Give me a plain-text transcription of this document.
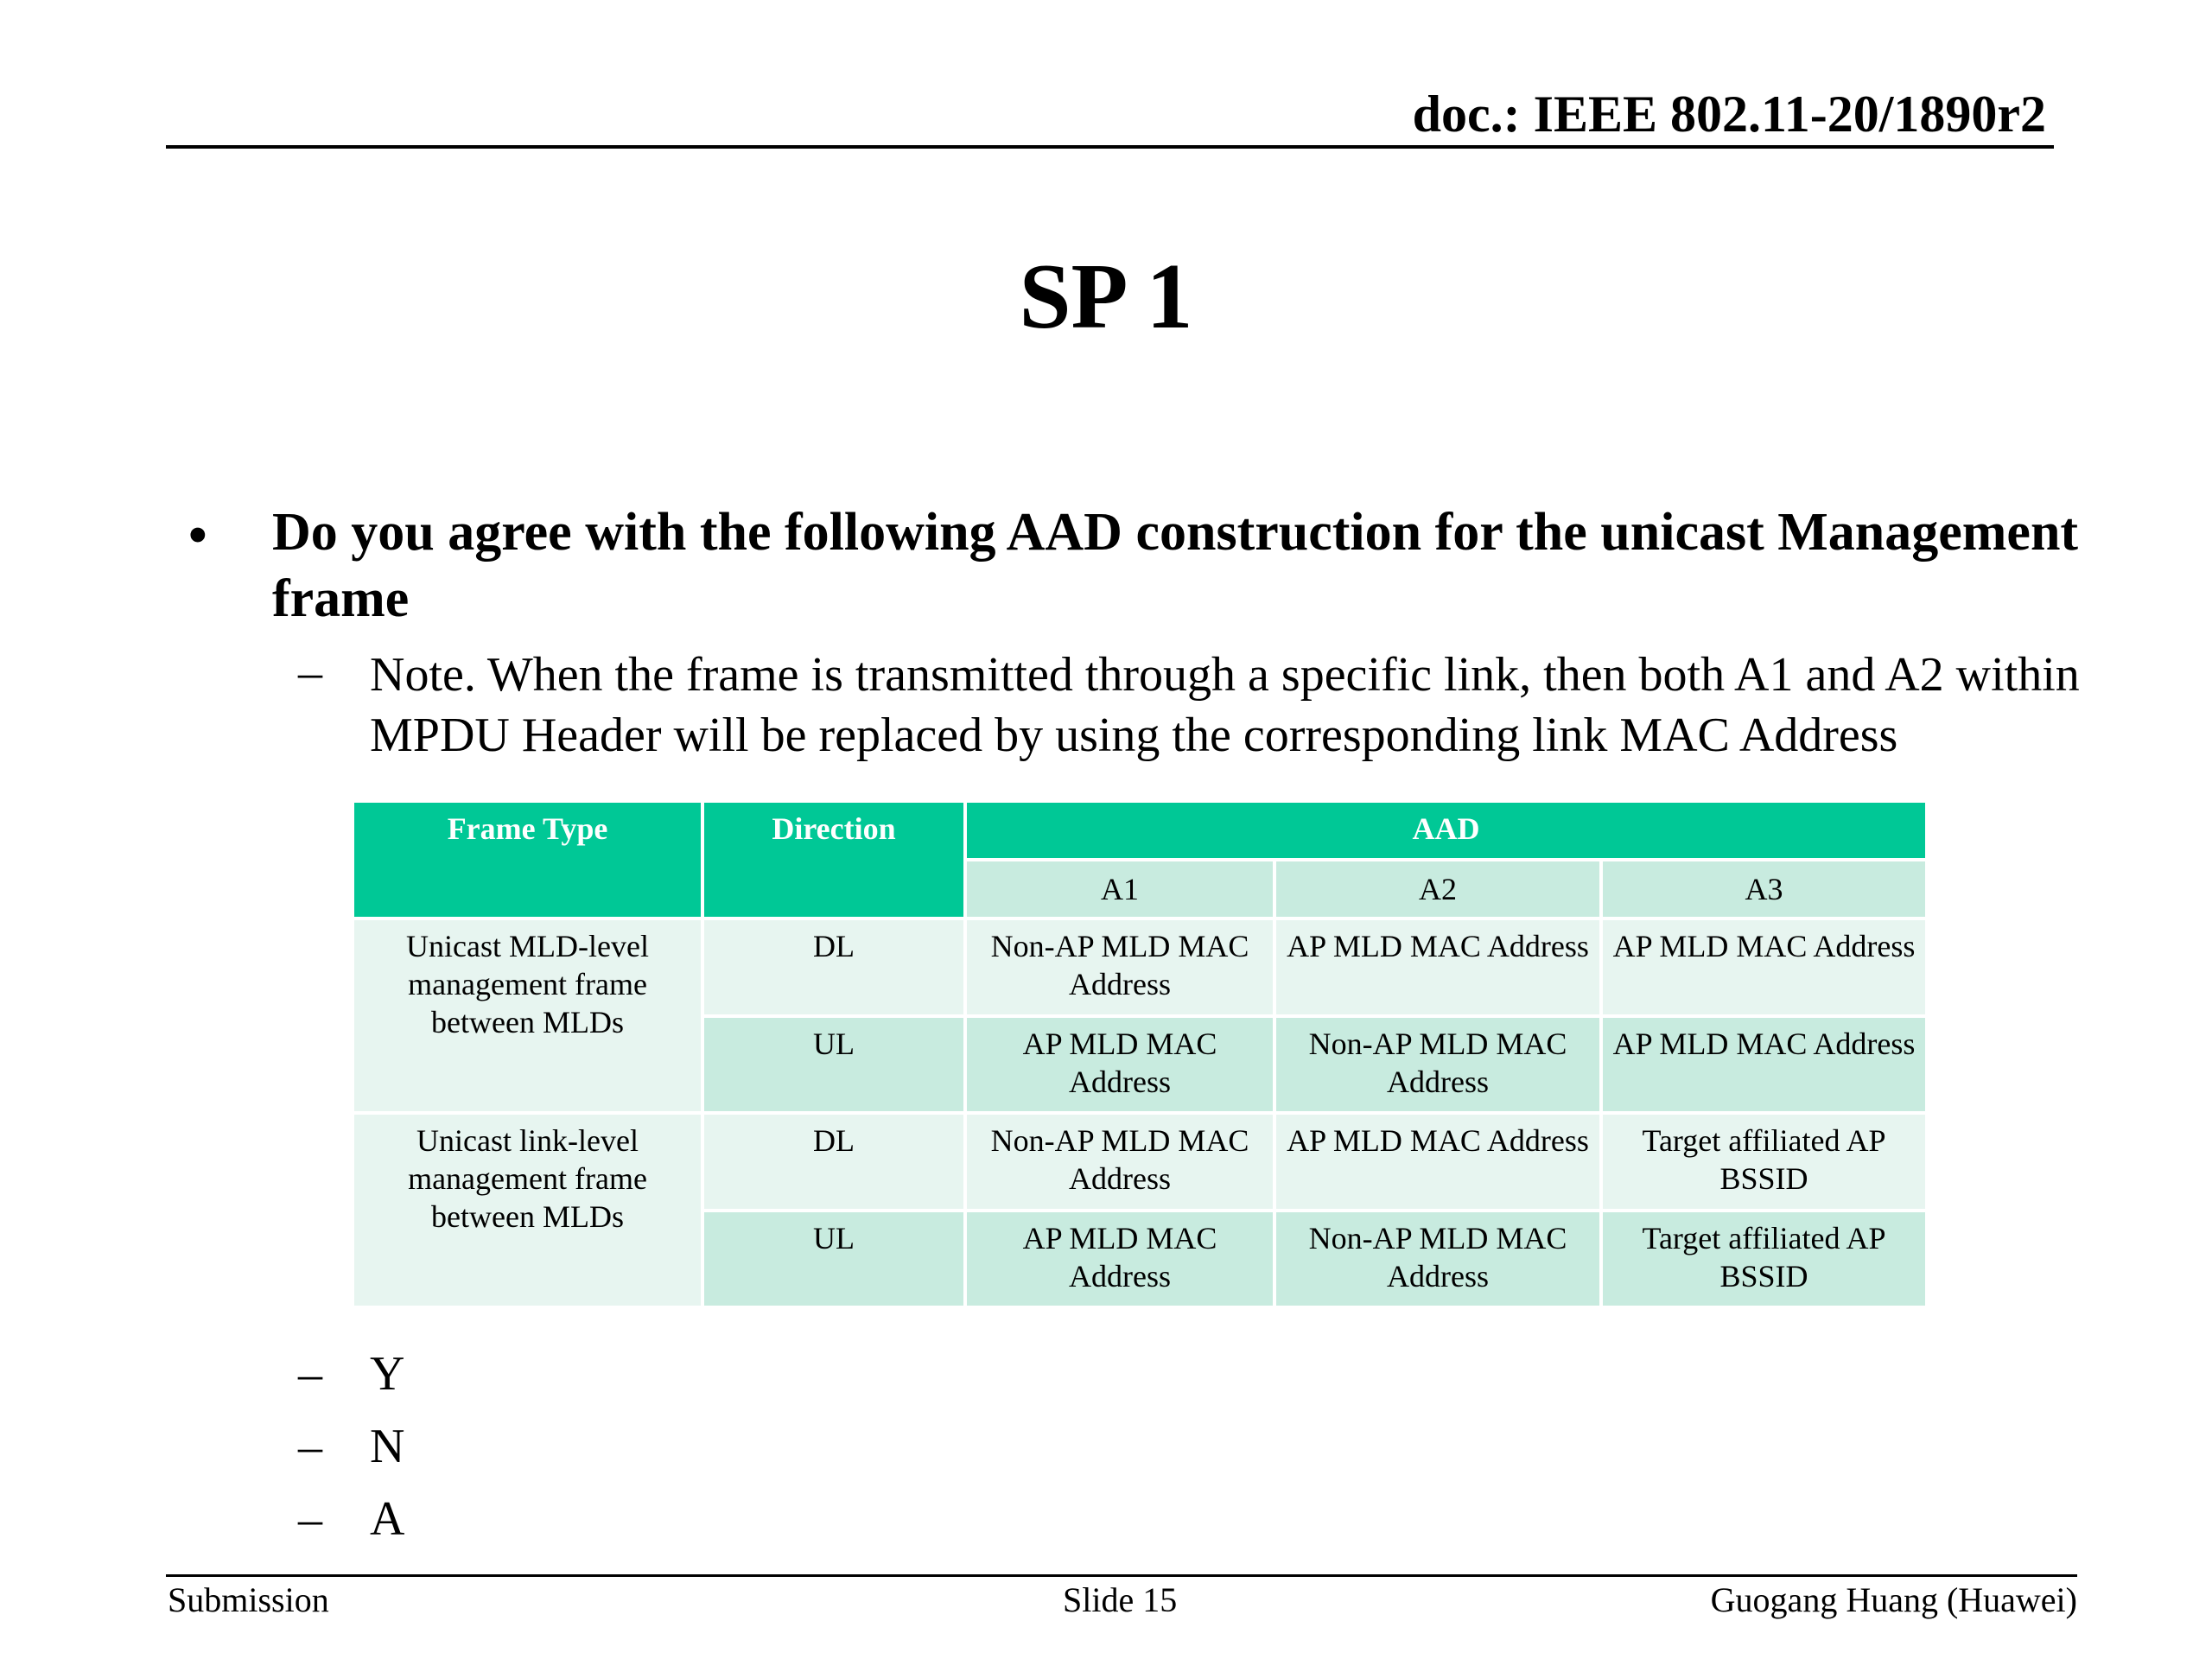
doc.: IEEE 802.11-20/1890r2
SP 1
• Do you agree with the following AAD construction for the unicast Management frame
– Note. When the frame is transmitted through a specific link, then both A1 and A2 within MPDU Header will be replaced by using the corresponding link MAC Address
Frame Type	Direction	AAD		
		A1	A2	A3
Unicast MLD-level management frame between MLDs	DL	Non-AP MLD MAC Address	AP MLD MAC Address	AP MLD MAC Address
	UL	AP MLD MAC Address	Non-AP MLD MAC Address	AP MLD MAC Address
Unicast link-level management frame between MLDs	DL	Non-AP MLD MAC Address	AP MLD MAC Address	Target affiliated AP BSSID
	UL	AP MLD MAC Address	Non-AP MLD MAC Address	Target affiliated AP BSSID
– Y
– N
– A
Submission	Slide 15	Guogang Huang (Huawei)
